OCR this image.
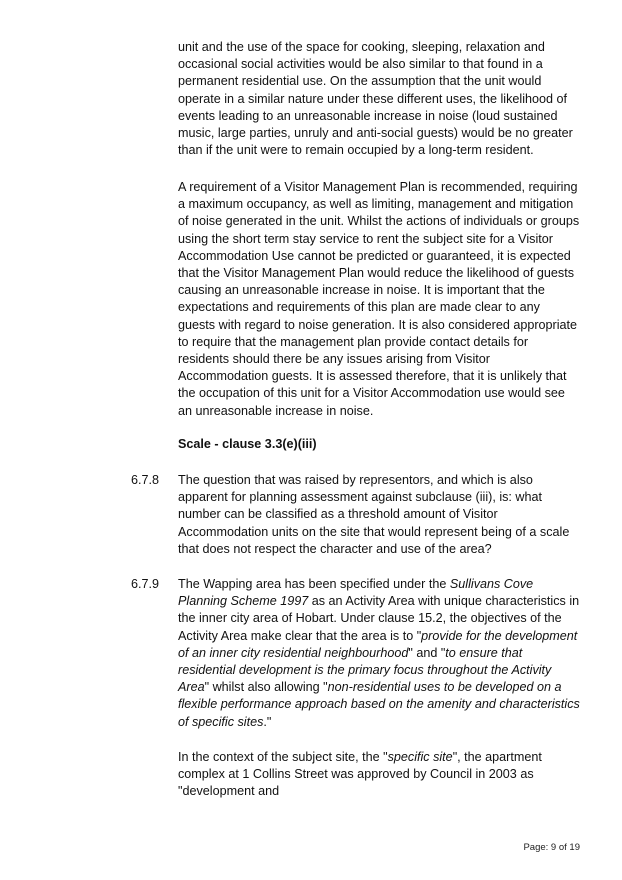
unit and the use of the space for cooking, sleeping, relaxation and occasional social activities would be also similar to that found in a permanent residential use. On the assumption that the unit would operate in a similar nature under these different uses, the likelihood of events leading to an unreasonable increase in noise (loud sustained music, large parties, unruly and anti-social guests) would be no greater than if the unit were to remain occupied by a long-term resident.

A requirement of a Visitor Management Plan is recommended, requiring a maximum occupancy, as well as limiting, management and mitigation of noise generated in the unit. Whilst the actions of individuals or groups using the short term stay service to rent the subject site for a Visitor Accommodation Use cannot be predicted or guaranteed, it is expected that the Visitor Management Plan would reduce the likelihood of guests causing an unreasonable increase in noise. It is important that the expectations and requirements of this plan are made clear to any guests with regard to noise generation. It is also considered appropriate to require that the management plan provide contact details for residents should there be any issues arising from Visitor Accommodation guests. It is assessed therefore, that it is unlikely that the occupation of this unit for a Visitor Accommodation use would see an unreasonable increase in noise.

Scale - clause 3.3(e)(iii)

6.7.8 The question that was raised by representors, and which is also apparent for planning assessment against subclause (iii), is: what number can be classified as a threshold amount of Visitor Accommodation units on the site that would represent being of a scale that does not respect the character and use of the area?

6.7.9 The Wapping area has been specified under the Sullivans Cove Planning Scheme 1997 as an Activity Area with unique characteristics in the inner city area of Hobart. Under clause 15.2, the objectives of the Activity Area make clear that the area is to "provide for the development of an inner city residential neighbourhood" and "to ensure that residential development is the primary focus throughout the Activity Area" whilst also allowing "non-residential uses to be developed on a flexible performance approach based on the amenity and characteristics of specific sites."

In the context of the subject site, the "specific site", the apartment complex at 1 Collins Street was approved by Council in 2003 as "development and

Page: 9 of 19
